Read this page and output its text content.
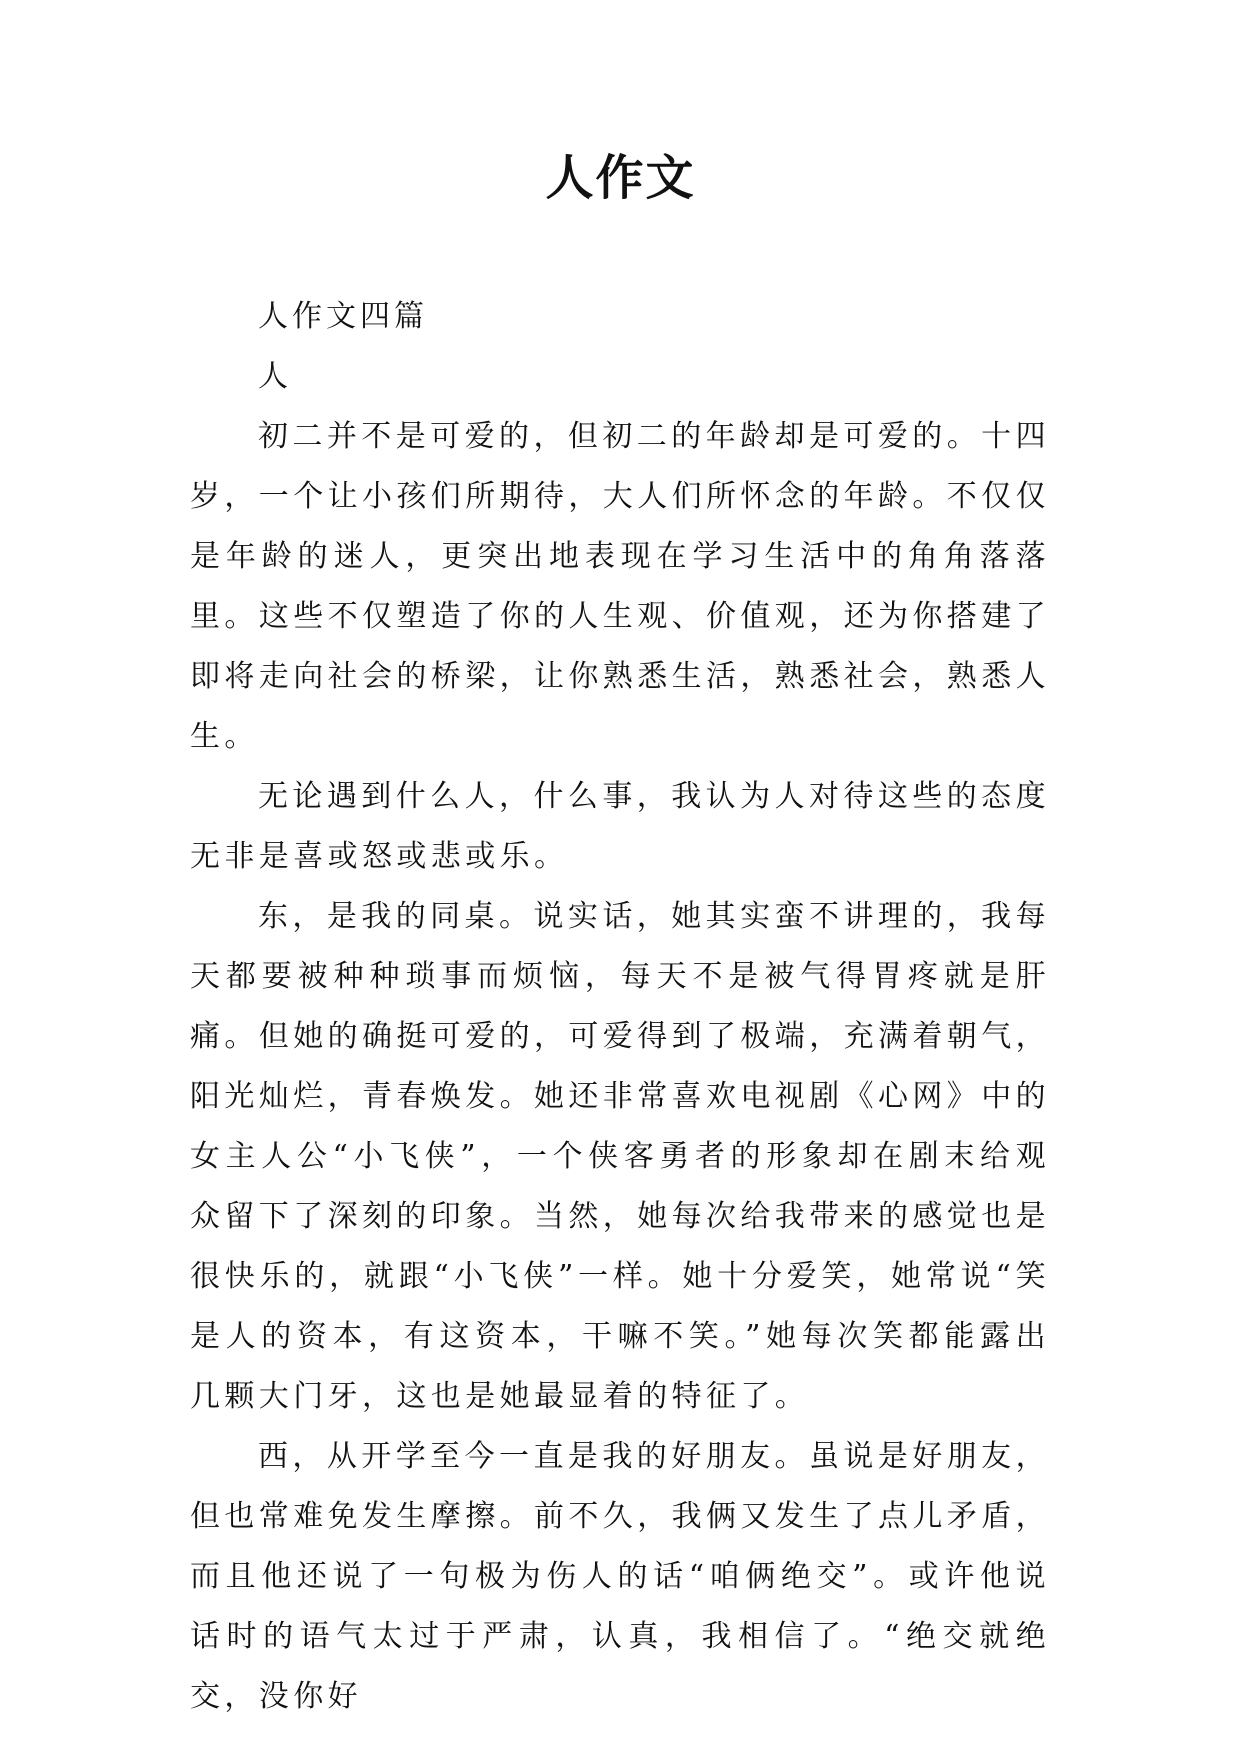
人作文

人作文四篇

人

初二并不是可爱的，但初二的年龄却是可爱的。十四岁，一个让小孩们所期待，大人们所怀念的年龄。不仅仅是年龄的迷人，更突出地表现在学习生活中的角角落落里。这些不仅塑造了你的人生观、价值观，还为你搭建了即将走向社会的桥梁，让你熟悉生活，熟悉社会，熟悉人生。

无论遇到什么人，什么事，我认为人对待这些的态度无非是喜或怒或悲或乐。

东，是我的同桌。说实话，她其实蛮不讲理的，我每天都要被种种琐事而烦恼，每天不是被气得胃疼就是肝痛。但她的确挺可爱的，可爱得到了极端，充满着朝气，阳光灿烂，青春焕发。她还非常喜欢电视剧《心网》中的女主人公“小飞侠”，一个侠客勇者的形象却在剧末给观众留下了深刻的印象。当然，她每次给我带来的感觉也是很快乐的，就跟“小飞侠”一样。她十分爱笑，她常说“笑是人的资本，有这资本，干嘛不笑。”她每次笑都能露出几颗大门牙，这也是她最显着的特征了。

西，从开学至今一直是我的好朋友。虽说是好朋友，但也常难免发生摩擦。前不久，我俩又发生了点儿矛盾，而且他还说了一句极为伤人的话“咱俩绝交”。或许他说话时的语气太过于严肃，认真，我相信了。“绝交就绝交，没你好
